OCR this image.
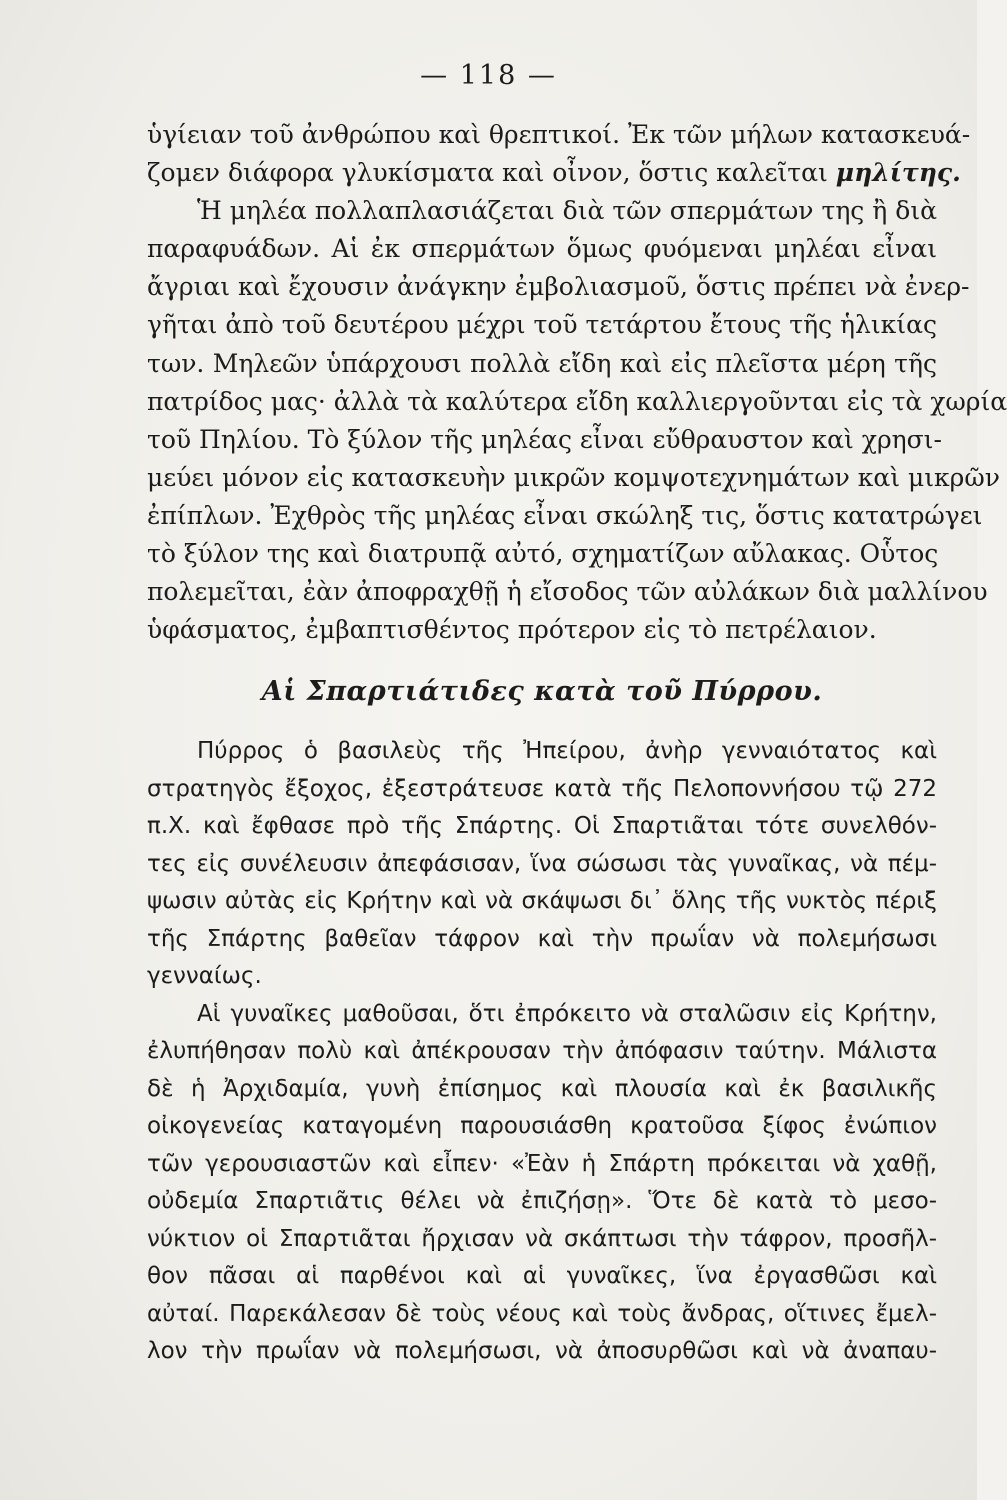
— 118 —
ὑγίειαν τοῦ ἀνθρώπου καὶ θρεπτικοί. Ἐκ τῶν μήλων κατασκευά-
ζομεν διάφορα γλυκίσματα καὶ οἶνον, ὅστις καλεῖται μηλίτης.
Ἡ μηλέα πολλαπλασιάζεται διὰ τῶν σπερμάτων της ἢ διὰ
παραφυάδων. Αἱ ἐκ σπερμάτων ὅμως φυόμεναι μηλέαι εἶναι
ἄγριαι καὶ ἔχουσιν ἀνάγκην ἐμβολιασμοῦ, ὅστις πρέπει νὰ ἐνερ-
γῆται ἀπὸ τοῦ δευτέρου μέχρι τοῦ τετάρτου ἔτους τῆς ἡλικίας
των. Μηλεῶν ὑπάρχουσι πολλὰ εἴδη καὶ εἰς πλεῖστα μέρη τῆς
πατρίδος μας· ἀλλὰ τὰ καλύτερα εἴδη καλλιεργοῦνται εἰς τὰ χωρία
τοῦ Πηλίου. Τὸ ξύλον τῆς μηλέας εἶναι εὔθραυστον καὶ χρησι-
μεύει μόνον εἰς κατασκευὴν μικρῶν κομψοτεχνημάτων καὶ μικρῶν
ἐπίπλων. Ἐχθρὸς τῆς μηλέας εἶναι σκώληξ τις, ὅστις κατατρώγει
τὸ ξύλον της καὶ διατρυπᾷ αὐτό, σχηματίζων αὔλακας. Οὗτος
πολεμεῖται, ἐὰν ἀποφραχθῇ ἡ εἴσοδος τῶν αὐλάκων διὰ μαλλίνου
ὑφάσματος, ἐμβαπτισθέντος πρότερον εἰς τὸ πετρέλαιον.
Αἱ Σπαρτιάτιδες κατὰ τοῦ Πύρρου.
Πύρρος ὁ βασιλεὺς τῆς Ἠπείρου, ἀνὴρ γενναιότατος καὶ
στρατηγὸς ἔξοχος, ἐξεστράτευσε κατὰ τῆς Πελοποννήσου τῷ 272
π.Χ. καὶ ἔφθασε πρὸ τῆς Σπάρτης. Οἱ Σπαρτιᾶται τότε συνελθόν-
τες εἰς συνέλευσιν ἀπεφάσισαν, ἵνα σώσωσι τὰς γυναῖκας, νὰ πέμ-
ψωσιν αὐτὰς εἰς Κρήτην καὶ νὰ σκάψωσι δι᾽ ὅλης τῆς νυκτὸς πέριξ
τῆς Σπάρτης βαθεῖαν τάφρον καὶ τὴν πρωΐαν νὰ πολεμήσωσι
γενναίως.
Αἱ γυναῖκες μαθοῦσαι, ὅτι ἐπρόκειτο νὰ σταλῶσιν εἰς Κρήτην,
ἐλυπήθησαν πολὺ καὶ ἀπέκρουσαν τὴν ἀπόφασιν ταύτην. Μάλιστα
δὲ ἡ Ἀρχιδαμία, γυνὴ ἐπίσημος καὶ πλουσία καὶ ἐκ βασιλικῆς
οἰκογενείας καταγομένη παρουσιάσθη κρατοῦσα ξίφος ἐνώπιον
τῶν γερουσιαστῶν καὶ εἶπεν· «Ἐὰν ἡ Σπάρτη πρόκειται νὰ χαθῇ,
οὐδεμία Σπαρτιᾶτις θέλει νὰ ἐπιζήσῃ». Ὅτε δὲ κατὰ τὸ μεσο-
νύκτιον οἱ Σπαρτιᾶται ἤρχισαν νὰ σκάπτωσι τὴν τάφρον, προσῆλ-
θον πᾶσαι αἱ παρθένοι καὶ αἱ γυναῖκες, ἵνα ἐργασθῶσι καὶ
αὐταί. Παρεκάλεσαν δὲ τοὺς νέους καὶ τοὺς ἄνδρας, οἵτινες ἔμελ-
λον τὴν πρωΐαν νὰ πολεμήσωσι, νὰ ἀποσυρθῶσι καὶ νὰ ἀναπαυ-
